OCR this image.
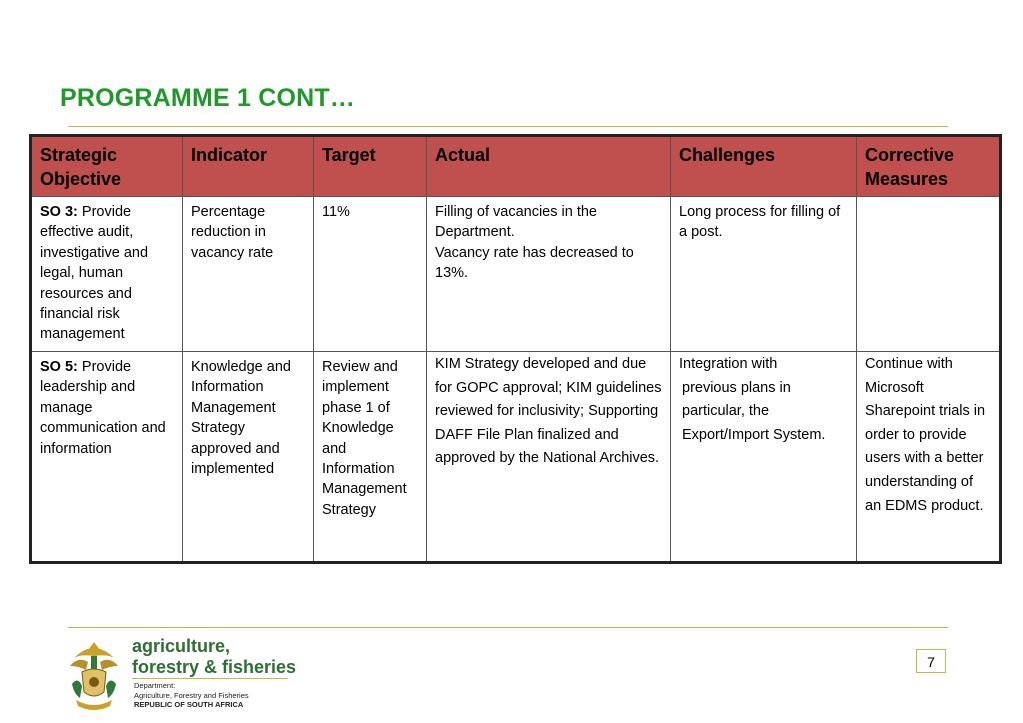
PROGRAMME 1 CONT…
Strategic Objective	Indicator	Target	Actual	Challenges	Corrective Measures
SO 3: Provide effective audit, investigative and legal, human resources and financial risk management	Percentage reduction in vacancy rate	11%	Filling of vacancies in the Department.
Vacancy rate has decreased to 13%.	Long process for filling of a post.	
SO 5: Provide leadership and manage communication and information	Knowledge and Information Management Strategy approved and implemented	Review and implement phase 1 of Knowledge and Information Management Strategy	KIM Strategy developed and due for GOPC approval; KIM guidelines reviewed for inclusivity; Supporting DAFF File Plan finalized and approved by the National Archives.	Integration with

previous plans in particular, the Export/Import System.	Continue with Microsoft Sharepoint trials in order to provide users with a better understanding of an EDMS product.
agriculture,
forestry & fisheries
Department:
Agriculture, Forestry and Fisheries
REPUBLIC OF SOUTH AFRICA
7
